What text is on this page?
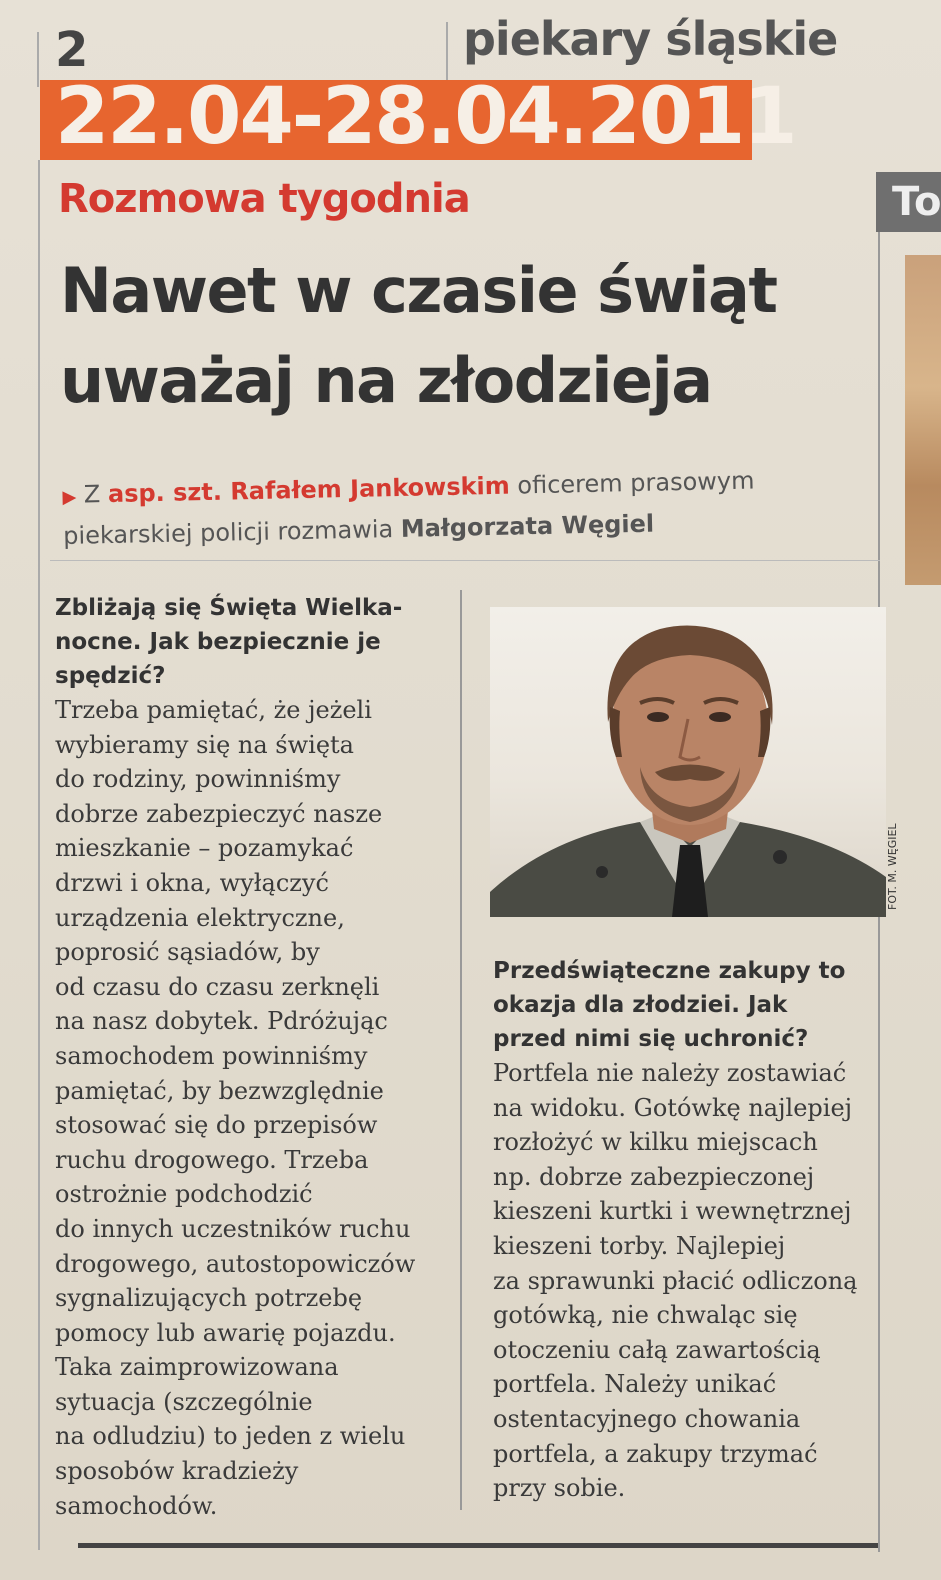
2	piekary śląskie
22.04-28.04.2011
To
Rozmowa tygodnia
Nawet w czasie świąt
uważaj na złodzieja
▶ Z asp. szt. Rafałem Jankowskim oficerem prasowym
piekarskiej policji rozmawia Małgorzata Węgiel
Zbliżają się Święta Wielka-
nocne. Jak bezpiecznie je
spędzić?
Trzeba pamiętać, że jeżeli
wybieramy się na święta
do rodziny, powinniśmy
dobrze zabezpieczyć nasze
mieszkanie – pozamykać
drzwi i okna, wyłączyć
urządzenia elektryczne,
poprosić sąsiadów, by
od czasu do czasu zerknęli
na nasz dobytek. Pdróżując
samochodem powinniśmy
pamiętać, by bezwzględnie
stosować się do przepisów
ruchu drogowego. Trzeba
ostrożnie podchodzić
do innych uczestników ruchu
drogowego, autostopowiczów
sygnalizujących potrzebę
pomocy lub awarię pojazdu.
Taka zaimprowizowana
sytuacja (szczególnie
na odludziu) to jeden z wielu
sposobów kradzieży
samochodów.
FOT. M. WĘGIEL
Przedświąteczne zakupy to
okazja dla złodziei. Jak
przed nimi się uchronić?
Portfela nie należy zostawiać
na widoku. Gotówkę najlepiej
rozłożyć w kilku miejscach
np. dobrze zabezpieczonej
kieszeni kurtki i wewnętrznej
kieszeni torby. Najlepiej
za sprawunki płacić odliczoną
gotówką, nie chwaląc się
otoczeniu całą zawartością
portfela. Należy unikać
ostentacyjnego chowania
portfela, a zakupy trzymać
przy sobie.
